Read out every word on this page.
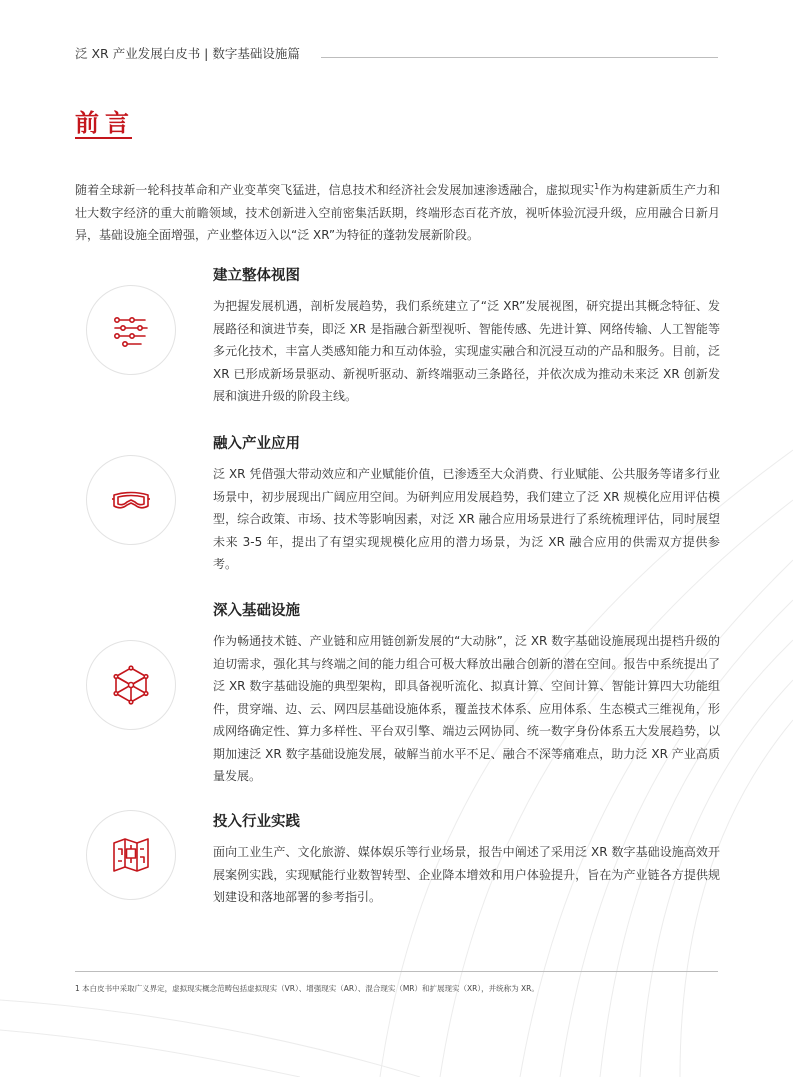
泛 XR 产业发展白皮书 | 数字基础设施篇
前言

随着全球新一轮科技革命和产业变革突飞猛进，信息技术和经济社会发展加速渗透融合，虚拟现实$^1$作为构建新质生产力和壮大数字经济的重大前瞻领域，技术创新进入空前密集活跃期，终端形态百花齐放，视听体验沉浸升级，应用融合日新月异，基础设施全面增强，产业整体迈入以“泛 XR”为特征的蓬勃发展新阶段。

建立整体视图

为把握发展机遇，剖析发展趋势，我们系统建立了“泛 XR”发展视图，研究提出其概念特征、发展路径和演进节奏，即泛 XR 是指融合新型视听、智能传感、先进计算、网络传输、人工智能等多元化技术，丰富人类感知能力和互动体验，实现虚实融合和沉浸互动的产品和服务。目前，泛 XR 已形成新场景驱动、新视听驱动、新终端驱动三条路径，并依次成为推动未来泛 XR 创新发展和演进升级的阶段主线。

融入产业应用

泛 XR 凭借强大带动效应和产业赋能价值，已渗透至大众消费、行业赋能、公共服务等诸多行业场景中，初步展现出广阔应用空间。为研判应用发展趋势，我们建立了泛 XR 规模化应用评估模型，综合政策、市场、技术等影响因素，对泛 XR 融合应用场景进行了系统梳理评估，同时展望未来 3-5 年，提出了有望实现规模化应用的潜力场景，为泛 XR 融合应用的供需双方提供参考。

深入基础设施

作为畅通技术链、产业链和应用链创新发展的“大动脉”，泛 XR 数字基础设施展现出提档升级的迫切需求，强化其与终端之间的能力组合可极大释放出融合创新的潜在空间。报告中系统提出了泛 XR 数字基础设施的典型架构，即具备视听流化、拟真计算、空间计算、智能计算四大功能组件，贯穿端、边、云、网四层基础设施体系，覆盖技术体系、应用体系、生态模式三维视角，形成网络确定性、算力多样性、平台双引擎、端边云网协同、统一数字身份体系五大发展趋势，以期加速泛 XR 数字基础设施发展，破解当前水平不足、融合不深等痛难点，助力泛 XR 产业高质量发展。

投入行业实践

面向工业生产、文化旅游、媒体娱乐等行业场景，报告中阐述了采用泛 XR 数字基础设施高效开展案例实践，实现赋能行业数智转型、企业降本增效和用户体验提升，旨在为产业链各方提供规划建设和落地部署的参考指引。

1 本白皮书中采取广义界定，虚拟现实概念范畴包括虚拟现实（VR）、增强现实（AR）、混合现实（MR）和扩展现实（XR），并统称为 XR。
